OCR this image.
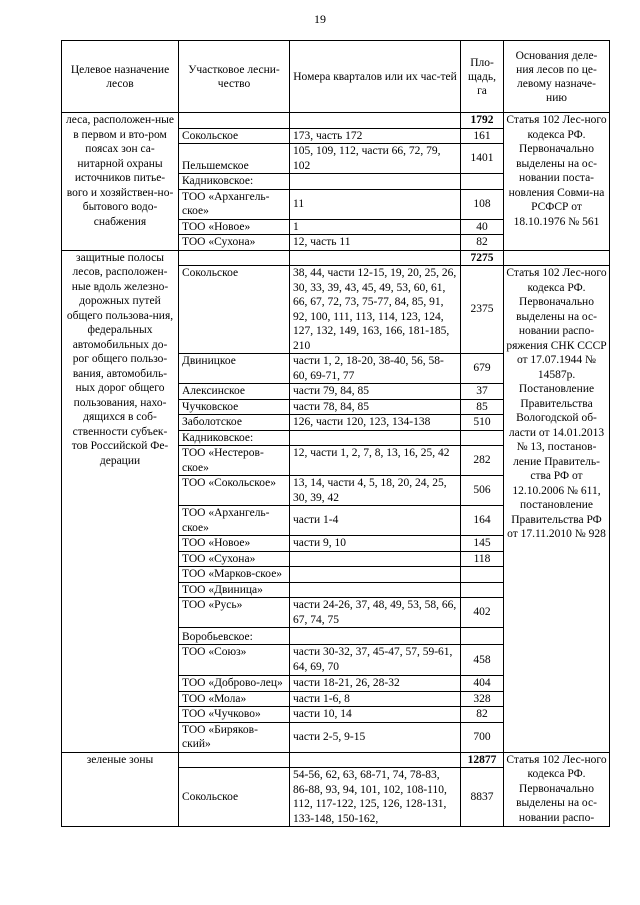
19
Целевое назначение лесов	Участковое лесни-чество	Номера кварталов или их час-тей	Пло-щадь, га	Основания деле-ния лесов по це-левому назначе-нию
леса, расположен-ные в первом и вто-ром поясах зон са-нитарной охраны источников питье-вого и хозяйствен-но-бытового водо-снабжения			1792	Статья 102 Лес-ного кодекса РФ. Первоначально выделены на ос-новании поста-новления Совми-на РСФСР от 18.10.1976 № 561
	Сокольское	173, часть 172	161	
	Пельшемское	105, 109, 112, части 66, 72, 79, 102	1401	
	Кадниковское:			
	ТОО «Архангель-ское»	11	108	
	ТОО «Новое»	1	40	
	ТОО «Сухона»	12, часть 11	82	
защитные полосы лесов, расположен-ные вдоль железно-дорожных путей общего пользова-ния, федеральных автомобильных до-рог общего пользо-вания, автомобиль-ных дорог общего пользования, нахо-дящихся в соб-ственности субъек-тов Российской Фе-дерации			7275	
	Сокольское	38, 44, части 12-15, 19, 20, 25, 26, 30, 33, 39, 43, 45, 49, 53, 60, 61, 66, 67, 72, 73, 75-77, 84, 85, 91, 92, 100, 111, 113, 114, 123, 124, 127, 132, 149, 163, 166, 181-185, 210	2375	Статья 102 Лес-ного кодекса РФ. Первоначально выделены на ос-новании распо-ряжения СНК СССР от 17.07.1944 № 14587р. Постановление Правительства Вологодской об-ласти от 14.01.2013 № 13, постанов-ление Правитель-ства РФ от 12.10.2006 № 611, постановление Правительства РФ от 17.11.2010 № 928
	Двиницкое	части 1, 2, 18-20, 38-40, 56, 58-60, 69-71, 77	679	
	Алексинское	части 79, 84, 85	37	
	Чучковское	части 78, 84, 85	85	
	Заболотское	126, части 120, 123, 134-138	510	
	Кадниковское:			
	ТОО «Нестеров-ское»	12, части 1, 2, 7, 8, 13, 16, 25, 42	282	
	ТОО «Сокольское»	13, 14, части 4, 5, 18, 20, 24, 25, 30, 39, 42	506	
	ТОО «Архангель-ское»	части 1-4	164	
	ТОО «Новое»	части 9, 10	145	
	ТОО «Сухона»		118	
	ТОО «Марков-ское»			
	ТОО «Двиница»			
	ТОО «Русь»	части 24-26, 37, 48, 49, 53, 58, 66, 67, 74, 75	402	
	Воробьевское:			
	ТОО «Союз»	части 30-32, 37, 45-47, 57, 59-61, 64, 69, 70	458	
	ТОО «Доброво-лец»	части 18-21, 26, 28-32	404	
	ТОО «Мола»	части 1-6, 8	328	
	ТОО «Чучково»	части 10, 14	82	
	ТОО «Биряков-ский»	части 2-5, 9-15	700	
зеленые зоны			12877	Статья 102 Лес-ного кодекса РФ. Первоначально выделены на ос-новании распо-
	Сокольское	54-56, 62, 63, 68-71, 74, 78-83, 86-88, 93, 94, 101, 102, 108-110, 112, 117-122, 125, 126, 128-131, 133-148, 150-162,	8837	
